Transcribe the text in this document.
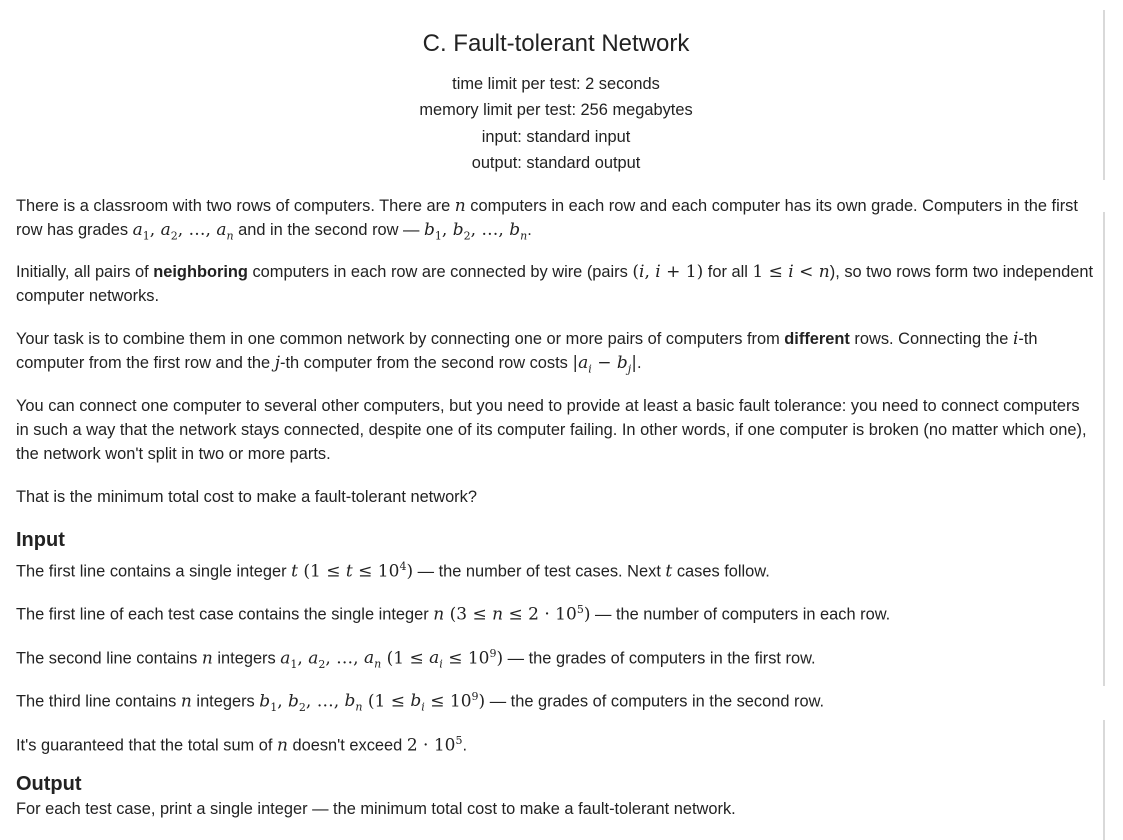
C. Fault-tolerant Network
time limit per test: 2 seconds
memory limit per test: 256 megabytes
input: standard input
output: standard output

There is a classroom with two rows of computers. There are n computers in each row and each computer has its own grade. Computers in the first row has grades $a_1$, $a_2$, …, $a_n$ and in the second row — $b_1$, $b_2$, …, $b_n$.

Initially, all pairs of neighboring computers in each row are connected by wire (pairs (i, i + 1) for all 1 ≤ i < n), so two rows form two independent computer networks.

Your task is to combine them in one common network by connecting one or more pairs of computers from different rows. Connecting the i-th computer from the first row and the j-th computer from the second row costs $|a_i - b_j|$.

You can connect one computer to several other computers, but you need to provide at least a basic fault tolerance: you need to connect computers in such a way that the network stays connected, despite one of its computer failing. In other words, if one computer is broken (no matter which one), the network won't split in two or more parts.

That is the minimum total cost to make a fault-tolerant network?

Input

The first line contains a single integer t $(1 \le t \le 10^4)$ — the number of test cases. Next t cases follow.

The first line of each test case contains the single integer n $(3 \le n \le 2 \cdot 10^5)$ — the number of computers in each row.

The second line contains n integers $a_1$, $a_2$, …, $a_n$ $(1 \le a_i \le 10^9)$ — the grades of computers in the first row.

The third line contains n integers $b_1$, $b_2$, …, $b_n$ $(1 \le b_i \le 10^9)$ — the grades of computers in the second row.

It's guaranteed that the total sum of n doesn't exceed $2 \cdot 10^5$.

Output

For each test case, print a single integer — the minimum total cost to make a fault-tolerant network.
